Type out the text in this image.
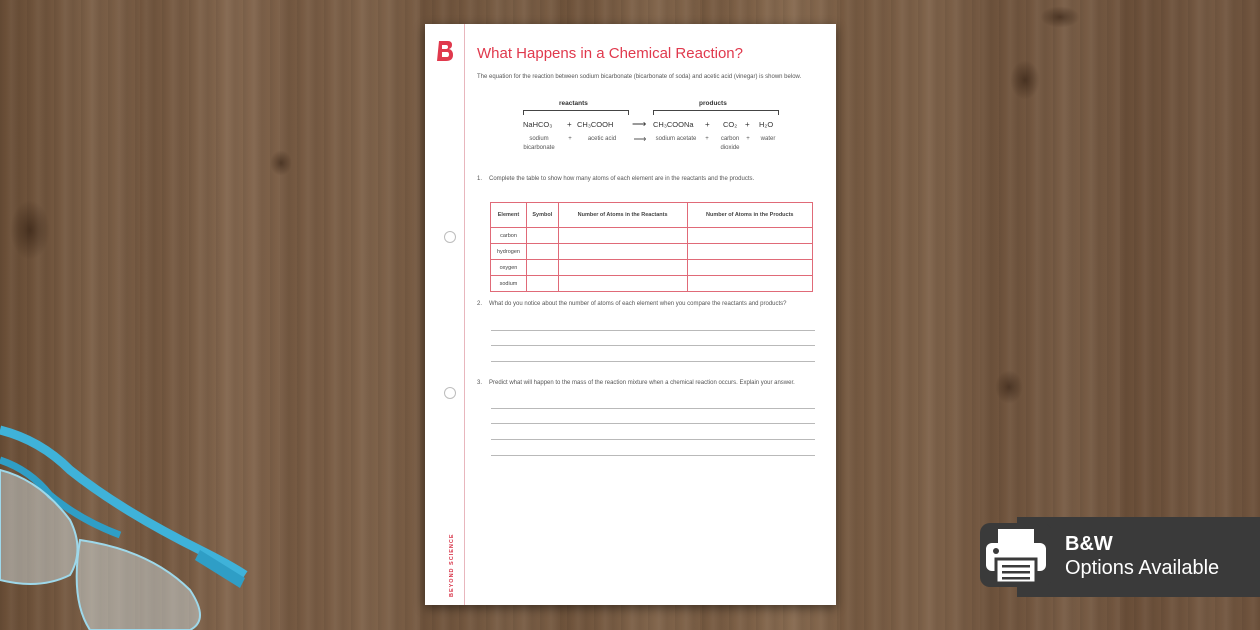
BEYOND SCIENCE
What Happens in a Chemical Reaction?
The equation for the reaction between sodium bicarbonate (bicarbonate of soda) and acetic acid (vinegar) is shown below.
reactants	products
NaHCO₃ + CH₃COOH ⟶ CH₃COONa + CO₂ + H₂O
sodium bicarbonate
+	acetic acid	⟶	sodium acetate	+	carbon dioxide
+	water
1. Complete the table to show how many atoms of each element are in the reactants and the products.
Element	Symbol	Number of Atoms in the Reactants	Number of Atoms in the Products
carbon			
hydrogen			
oxygen			
sodium			
2. What do you notice about the number of atoms of each element when you compare the reactants and products?
3. Predict what will happen to the mass of the reaction mixture when a chemical reaction occurs. Explain your answer.
B&W
Options Available
